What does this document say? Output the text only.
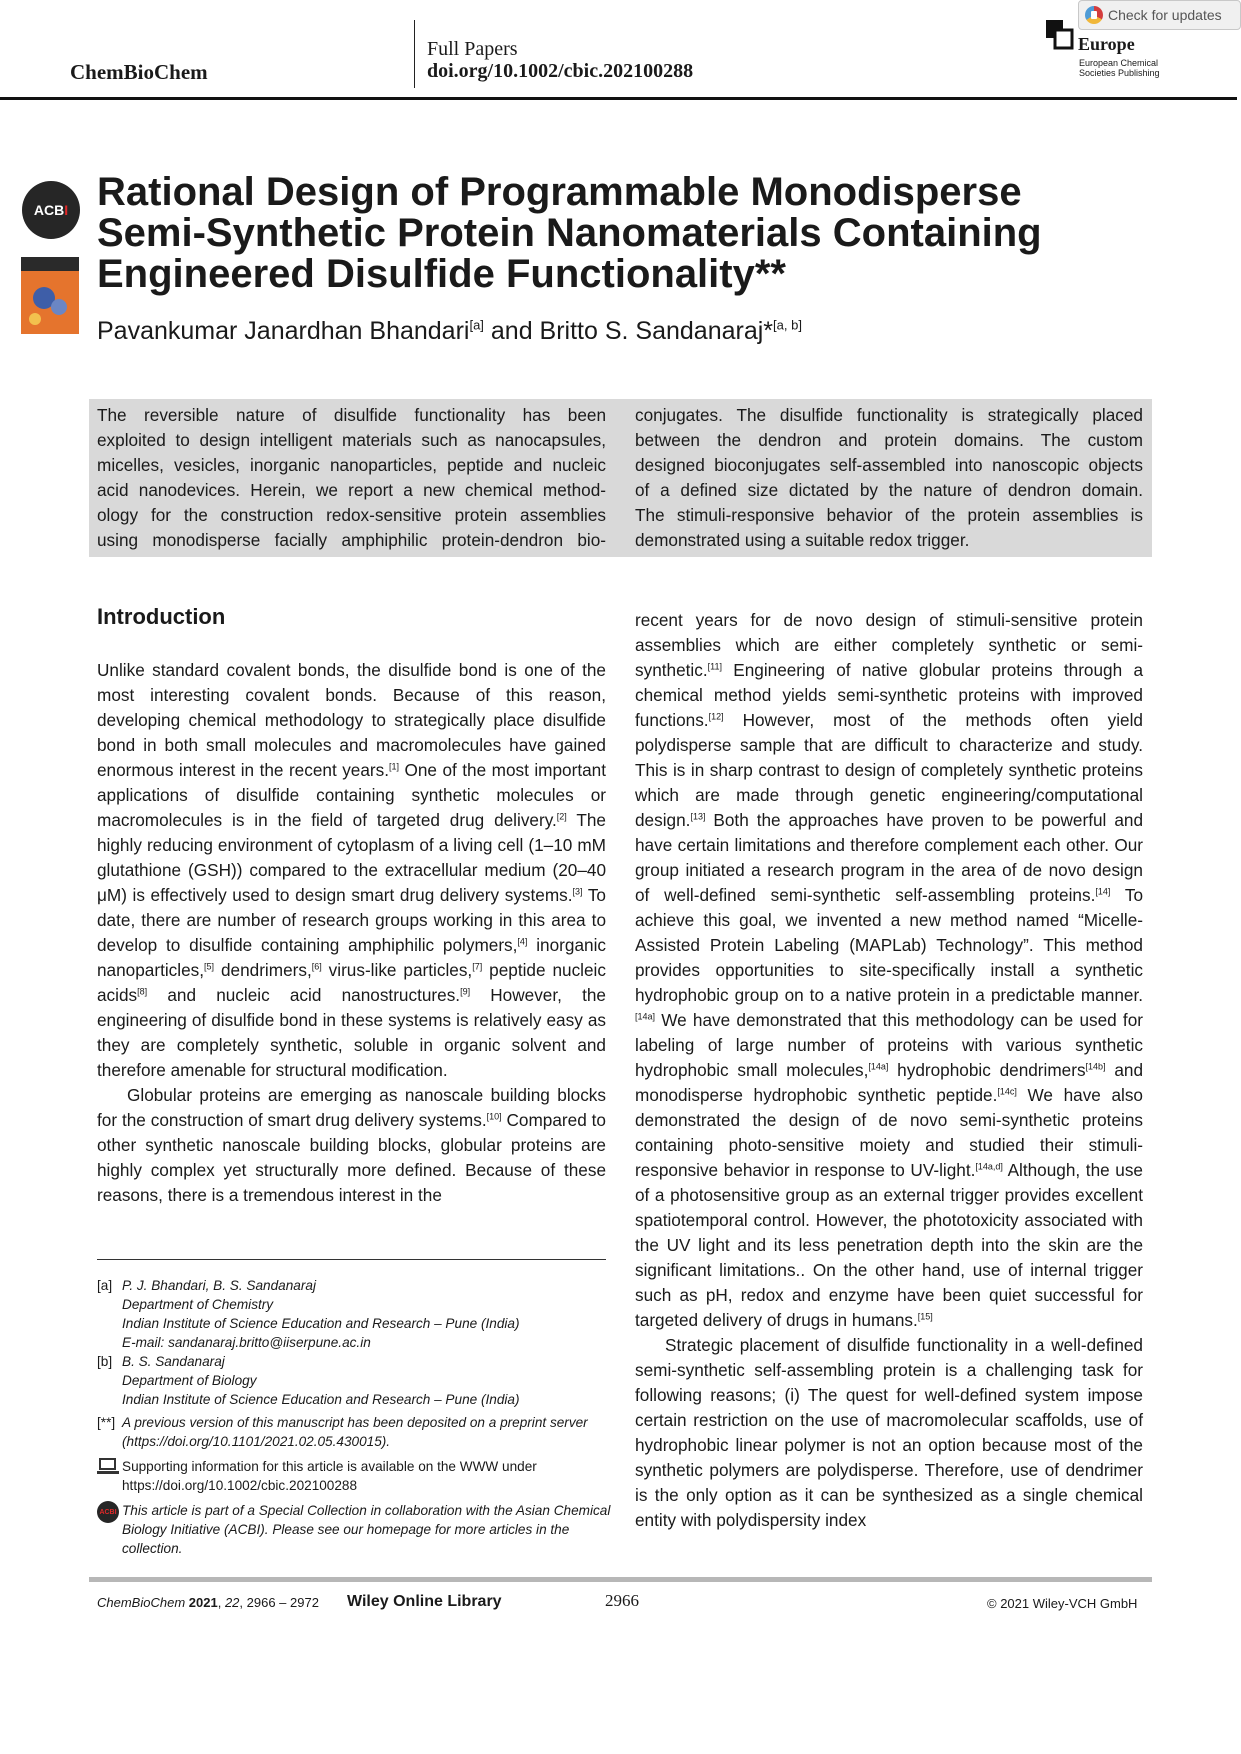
ChemBioChem
Full Papers
doi.org/10.1002/cbic.202100288
Europe
European Chemical
Societies Publishing
Check for updates
ACB I Rational Design of Programmable Monodisperse Semi-Synthetic Protein Nanomaterials Containing Engineered Disulfide Functionality**
Pavankumar Janardhan Bhandari[a] and Britto S. Sandanaraj*[a, b]
The reversible nature of disulfide functionality has been
exploited to design intelligent materials such as nanocapsules,
micelles, vesicles, inorganic nanoparticles, peptide and nucleic
acid nanodevices. Herein, we report a new chemical method-
ology for the construction redox-sensitive protein assemblies
using monodisperse facially amphiphilic protein-dendron bio-
conjugates. The disulfide functionality is strategically placed
between the dendron and protein domains. The custom
designed bioconjugates self-assembled into nanoscopic objects
of a defined size dictated by the nature of dendron domain.
The stimuli-responsive behavior of the protein assemblies is
demonstrated using a suitable redox trigger.
Introduction

Unlike standard covalent bonds, the disulfide bond is one of the most interesting covalent bonds. Because of this reason, developing chemical methodology to strategically place disulfide bond in both small molecules and macromolecules have gained enormous interest in the recent years.[1] One of the most important applications of disulfide containing synthetic molecules or macromolecules is in the field of targeted drug delivery.[2] The highly reducing environment of cytoplasm of a living cell (1–10 mM glutathione (GSH)) compared to the extracellular medium (20–40 μM) is effectively used to design smart drug delivery systems.[3] To date, there are number of research groups working in this area to develop to disulfide containing amphiphilic polymers,[4] inorganic nanoparticles,[5] dendrimers,[6] virus-like particles,[7] peptide nucleic acids[8] and nucleic acid nanostructures.[9] However, the engineering of disulfide bond in these systems is relatively easy as they are completely synthetic, soluble in organic solvent and therefore amenable for structural modification.

Globular proteins are emerging as nanoscale building blocks for the construction of smart drug delivery systems.[10] Compared to other synthetic nanoscale building blocks, globular proteins are highly complex yet structurally more defined. Because of these reasons, there is a tremendous interest in the

recent years for de novo design of stimuli-sensitive protein assemblies which are either completely synthetic or semi-synthetic.[11] Engineering of native globular proteins through a chemical method yields semi-synthetic proteins with improved functions.[12] However, most of the methods often yield polydisperse sample that are difficult to characterize and study. This is in sharp contrast to design of completely synthetic proteins which are made through genetic engineering/computational design.[13] Both the approaches have proven to be powerful and have certain limitations and therefore complement each other. Our group initiated a research program in the area of de novo design of well-defined semi-synthetic self-assembling proteins.[14] To achieve this goal, we invented a new method named “Micelle-Assisted Protein Labeling (MAPLab) Technology”. This method provides opportunities to site-specifically install a synthetic hydrophobic group on to a native protein in a predictable manner.[14a] We have demonstrated that this methodology can be used for labeling of large number of proteins with various synthetic hydrophobic small molecules,[14a] hydrophobic dendrimers[14b] and monodisperse hydrophobic synthetic peptide.[14c] We have also demonstrated the design of de novo semi-synthetic proteins containing photo-sensitive moiety and studied their stimuli-responsive behavior in response to UV-light.[14a,d] Although, the use of a photosensitive group as an external trigger provides excellent spatiotemporal control. However, the phototoxicity associated with the UV light and its less penetration depth into the skin are the significant limitations.. On the other hand, use of internal trigger such as pH, redox and enzyme have been quiet successful for targeted delivery of drugs in humans.[15]

Strategic placement of disulfide functionality in a well-defined semi-synthetic self-assembling protein is a challenging task for following reasons; (i) The quest for well-defined system impose certain restriction on the use of macromolecular scaffolds, use of hydrophobic linear polymer is not an option because most of the synthetic polymers are polydisperse. Therefore, use of dendrimer is the only option as it can be synthesized as a single chemical entity with polydispersity index

[a] P. J. Bhandari, B. S. Sandanaraj
Department of Chemistry
Indian Institute of Science Education and Research – Pune (India)
E-mail: sandanaraj.britto@iiserpune.ac.in
[b] B. S. Sandanaraj
Department of Biology
Indian Institute of Science Education and Research – Pune (India)
[**] A previous version of this manuscript has been deposited on a preprint server (https://doi.org/10.1101/2021.02.05.430015).
Supporting information for this article is available on the WWW under https://doi.org/10.1002/cbic.202100288
ACBI This article is part of a Special Collection in collaboration with the Asian Chemical Biology Initiative (ACBI). Please see our homepage for more articles in the collection.
ChemBioChem 2021, 22, 2966 – 2972 Wiley Online Library	2966	© 2021 Wiley-VCH GmbH
